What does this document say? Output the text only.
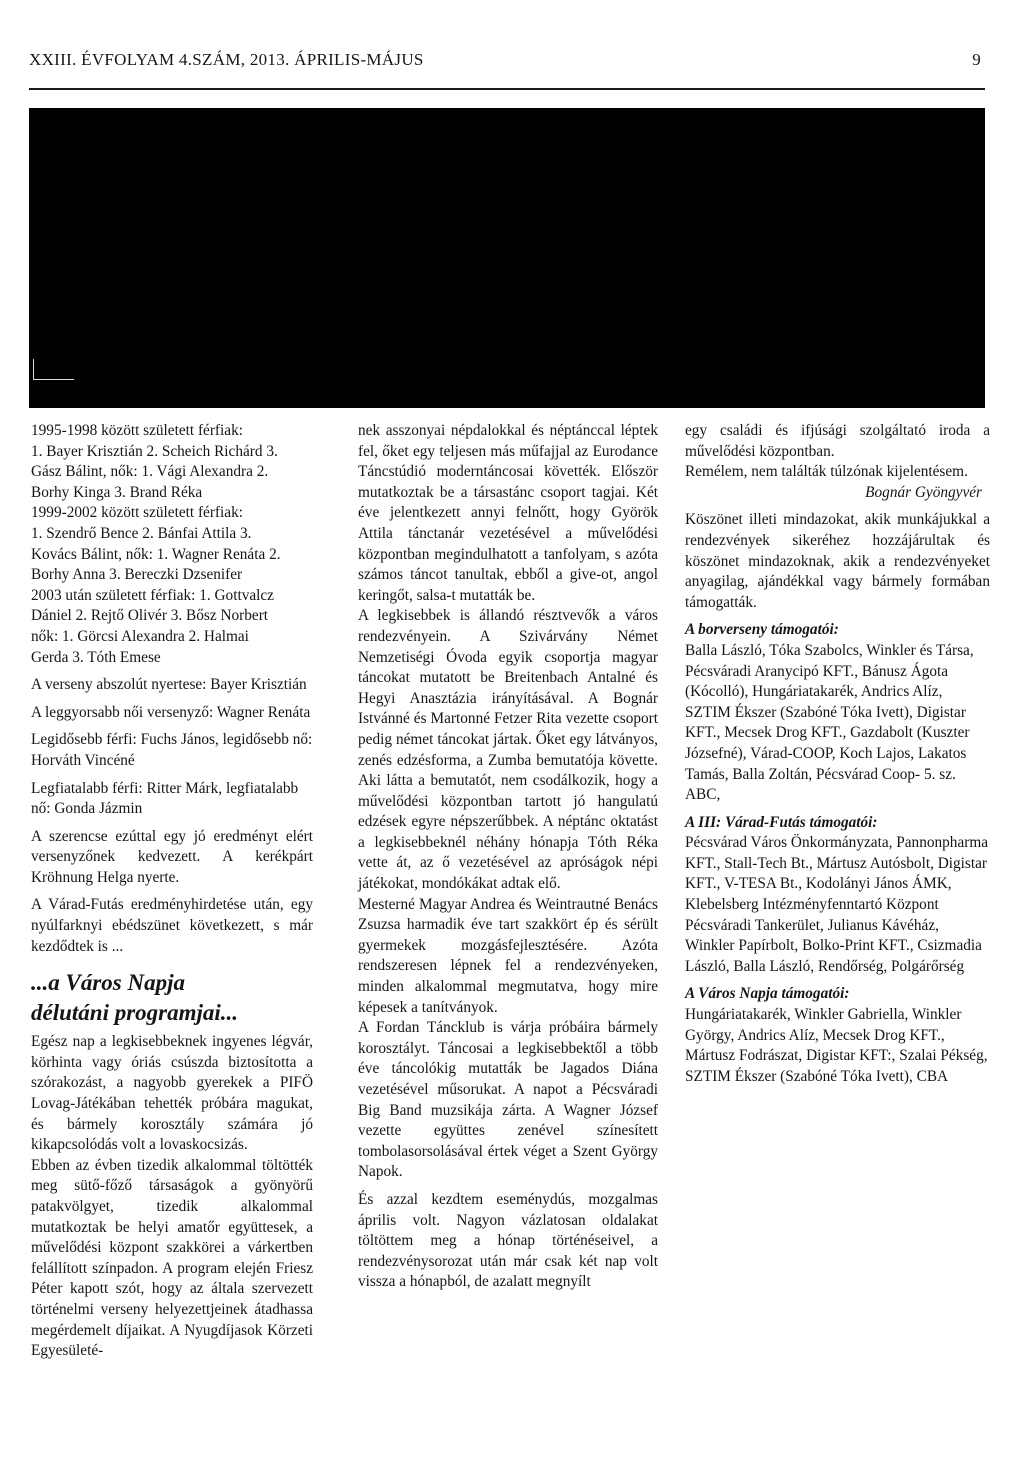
XXIII. ÉVFOLYAM 4.SZÁM, 2013. ÁPRILIS-MÁJUS	9

1995-1998 között született férfiak:

1. Bayer Krisztián 2. Scheich Richárd 3.

Gász Bálint, nők: 1. Vági Alexandra 2.

Borhy Kinga 3. Brand Réka

1999-2002 között született férfiak:

1. Szendrő Bence 2. Bánfai Attila 3.

Kovács Bálint, nők: 1. Wagner Renáta 2.

Borhy Anna 3. Bereczki Dzsenifer

2003 után született férfiak: 1. Gottvalcz

Dániel 2. Rejtő Olivér 3. Bősz Norbert

nők: 1. Görcsi Alexandra 2. Halmai

Gerda 3. Tóth Emese

A verseny abszolút nyertese: Bayer Krisztián

A leggyorsabb női versenyző: Wagner Renáta

Legidősebb férfi: Fuchs János, legidősebb nő: Horváth Vincéné

Legfiatalabb férfi: Ritter Márk, legfiatalabb nő: Gonda Jázmin

A szerencse ezúttal egy jó eredményt elért versenyzőnek kedvezett. A kerékpárt Kröhnung Helga nyerte.

A Várad-Futás eredményhirdetése után, egy nyúlfarknyi ebédszünet következett, s már kezdődtek is ...

...a Város Napja
délutáni programjai...

Egész nap a legkisebbeknek ingyenes légvár, körhinta vagy óriás csúszda biztosította a szórakozást, a nagyobb gyerekek a PIFÖ Lovag-Játékában tehették próbára magukat, és bármely korosztály számára jó kikapcsolódás volt a lovaskocsizás.

Ebben az évben tizedik alkalommal töltötték meg sütő-főző társaságok a gyönyörű patakvölgyet, tizedik alkalommal mutatkoztak be helyi amatőr együttesek, a művelődési központ szakkörei a várkertben felállított színpadon. A program elején Friesz Péter kapott szót, hogy az általa szervezett történelmi verseny helyezettjeinek átadhassa megérdemelt díjaikat. A Nyugdíjasok Körzeti Egyesületé-

nek asszonyai népdalokkal és néptánccal léptek fel, őket egy teljesen más műfajjal az Eurodance Táncstúdió moderntáncosai követték. Először mutatkoztak be a társastánc csoport tagjai. Két éve jelentkezett annyi felnőtt, hogy Györök Attila tánctanár vezetésével a művelődési központban megindulhatott a tanfolyam, s azóta számos táncot tanultak, ebből a give-ot, angol keringőt, salsa-t mutatták be.

A legkisebbek is állandó résztvevők a város rendezvényein. A Szivárvány Német Nemzetiségi Óvoda egyik csoportja magyar táncokat mutatott be Breitenbach Antalné és Hegyi Anasztázia irányításával. A Bognár Istvánné és Martonné Fetzer Rita vezette csoport pedig német táncokat jártak. Őket egy látványos, zenés edzésforma, a Zumba bemutatója követte. Aki látta a bemutatót, nem csodálkozik, hogy a művelődési központban tartott jó hangulatú edzések egyre népszerűbbek. A néptánc oktatást a legkisebbeknél néhány hónapja Tóth Réka vette át, az ő vezetésével az apróságok népi játékokat, mondókákat adtak elő.

Mesterné Magyar Andrea és Weintrautné Benács Zsuzsa harmadik éve tart szakkört ép és sérült gyermekek mozgásfejlesztésére. Azóta rendszeresen lépnek fel a rendezvényeken, minden alkalommal megmutatva, hogy mire képesek a tanítványok.

A Fordan Táncklub is várja próbáira bármely korosztályt. Táncosai a legkisebbektől a több éve táncolókig mutatták be Jagados Diána vezetésével műsorukat. A napot a Pécsváradi Big Band muzsikája zárta. A Wagner József vezette együttes zenével színesített tombolasorsolásával értek véget a Szent György Napok.

És azzal kezdtem eseménydús, mozgalmas április volt. Nagyon vázlatosan oldalakat töltöttem meg a hónap történéseivel, a rendezvénysorozat után már csak két nap volt vissza a hónapból, de azalatt megnyílt

egy családi és ifjúsági szolgáltató iroda a művelődési központban.

Remélem, nem találták túlzónak kijelentésem.

Bognár Gyöngyvér

Köszönet illeti mindazokat, akik munkájukkal a rendezvények sikeréhez hozzájárultak és köszönet mindazoknak, akik a rendezvényeket anyagilag, ajándékkal vagy bármely formában támogatták.

A borverseny támogatói:

Balla László, Tóka Szabolcs, Winkler és Társa, Pécsváradi Aranycipó KFT., Bánusz Ágota (Kócolló), Hungáriatakarék, Andrics Alíz, SZTIM Ékszer (Szabóné Tóka Ivett), Digistar KFT., Mecsek Drog KFT., Gazdabolt (Kuszter Józsefné), Várad-COOP, Koch Lajos, Lakatos Tamás, Balla Zoltán, Pécsvárad Coop- 5. sz. ABC,

A III: Várad-Futás támogatói:

Pécsvárad Város Önkormányzata, Pannonpharma KFT., Stall-Tech Bt., Mártusz Autósbolt, Digistar KFT., V-TESA Bt., Kodolányi János ÁMK, Klebelsberg Intézményfenntartó Központ Pécsváradi Tankerület, Julianus Kávéház, Winkler Papírbolt, Bolko-Print KFT., Csizmadia László, Balla László, Rendőrség, Polgárőrség

A Város Napja támogatói:

Hungáriatakarék, Winkler Gabriella, Winkler György, Andrics Alíz, Mecsek Drog KFT., Mártusz Fodrászat, Digistar KFT:, Szalai Pékség, SZTIM Ékszer (Szabóné Tóka Ivett), CBA
